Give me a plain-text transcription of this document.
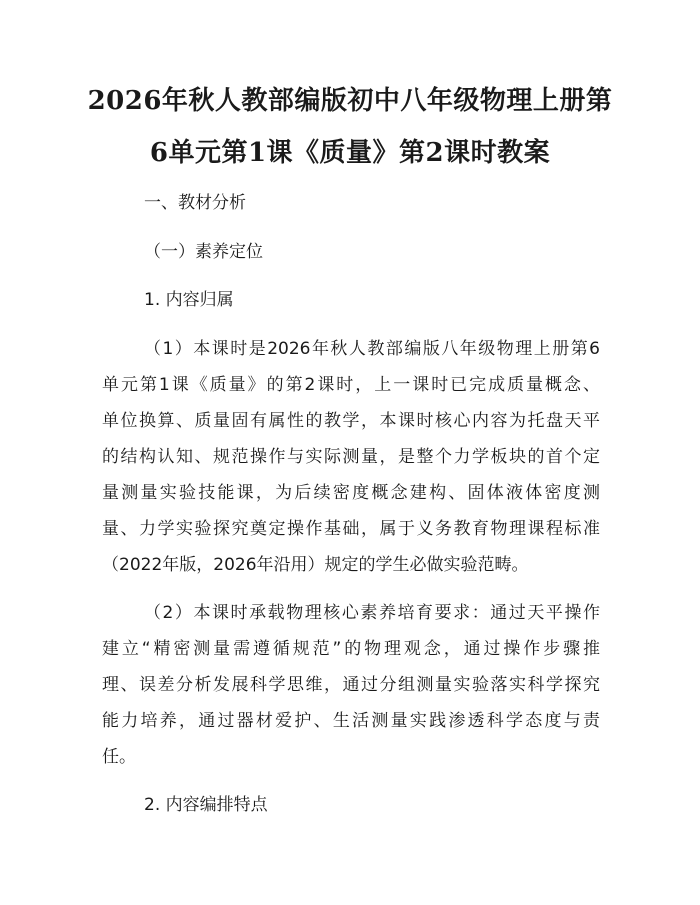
2026年秋人教部编版初中八年级物理上册第
6单元第1课《质量》第2课时教案

一、教材分析

（一）素养定位

1. 内容归属

（1）本课时是2026年秋人教部编版八年级物理上册第6

单元第1课《质量》的第2课时，上一课时已完成质量概念、

单位换算、质量固有属性的教学，本课时核心内容为托盘天平

的结构认知、规范操作与实际测量，是整个力学板块的首个定

量测量实验技能课，为后续密度概念建构、固体液体密度测

量、力学实验探究奠定操作基础，属于义务教育物理课程标准

（2022年版，2026年沿用）规定的学生必做实验范畴。

（2）本课时承载物理核心素养培育要求：通过天平操作

建立“精密测量需遵循规范”的物理观念，通过操作步骤推

理、误差分析发展科学思维，通过分组测量实验落实科学探究

能力培养，通过器材爱护、生活测量实践渗透科学态度与责

任。

2. 内容编排特点
